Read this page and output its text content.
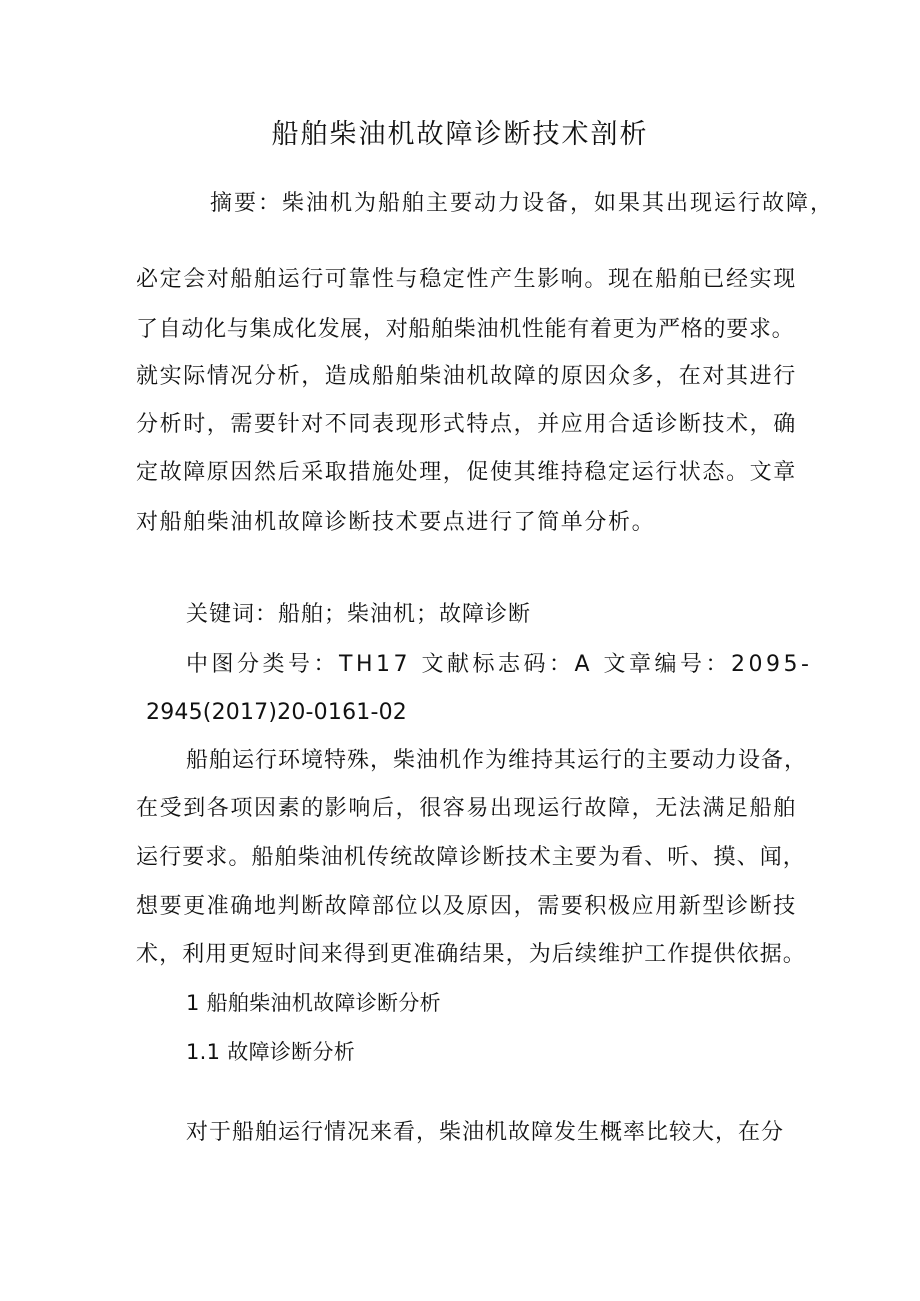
船舶柴油机故障诊断技术剖析

摘要：柴油机为船舶主要动力设备，如果其出现运行故障，

必定会对船舶运行可靠性与稳定性产生影响。现在船舶已经实现

了自动化与集成化发展，对船舶柴油机性能有着更为严格的要求。

就实际情况分析，造成船舶柴油机故障的原因众多，在对其进行

分析时，需要针对不同表现形式特点，并应用合适诊断技术，确

定故障原因然后采取措施处理，促使其维持稳定运行状态。文章

对船舶柴油机故障诊断技术要点进行了简单分析。

关键词：船舶；柴油机；故障诊断

中图分类号：TH17 文献标志码：A 文章编号：2095-

2945(2017)20-0161-02

船舶运行环境特殊，柴油机作为维持其运行的主要动力设备，

在受到各项因素的影响后，很容易出现运行故障，无法满足船舶

运行要求。船舶柴油机传统故障诊断技术主要为看、听、摸、闻，

想要更准确地判断故障部位以及原因，需要积极应用新型诊断技

术，利用更短时间来得到更准确结果，为后续维护工作提供依据。

1 船舶柴油机故障诊断分析

1.1 故障诊断分析

对于船舶运行情况来看，柴油机故障发生概率比较大，在分
